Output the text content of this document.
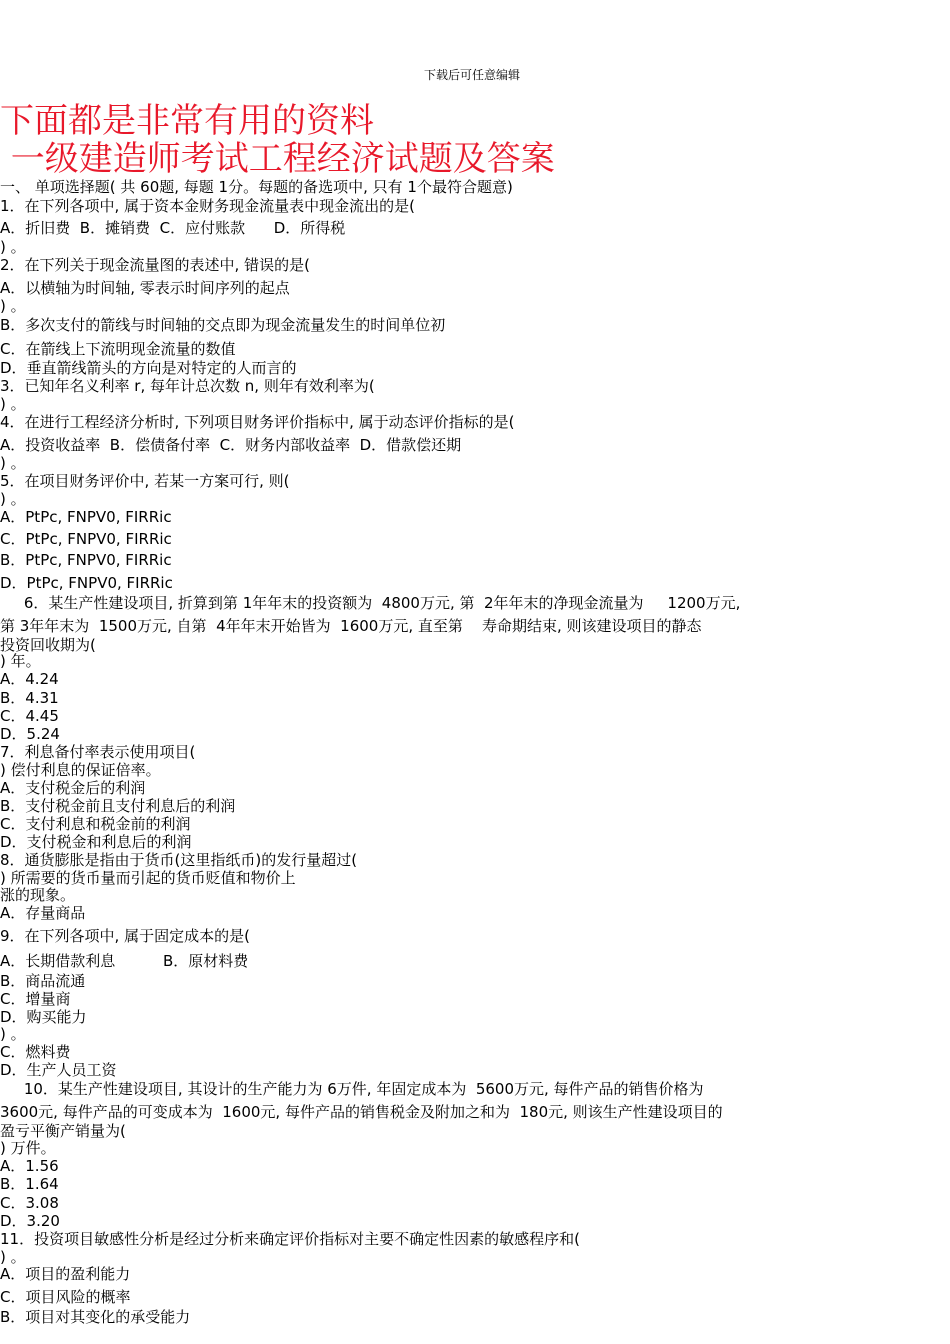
下载后可任意编辑
下面都是非常有用的资料
一级建造师考试工程经济试题及答案
一、 单项选择题( 共 60题, 每题 1分。每题的备选项中, 只有 1个最符合题意)
1．在下列各项中, 属于资本金财务现金流量表中现金流出的是(
A．折旧费  B．摊销费  C．应付账款      D．所得税
) 。
2．在下列关于现金流量图的表述中, 错误的是(
A．以横轴为时间轴, 零表示时间序列的起点
) 。
B．多次支付的箭线与时间轴的交点即为现金流量发生的时间单位初
C．在箭线上下流明现金流量的数值
D．垂直箭线箭头的方向是对特定的人而言的
3．已知年名义利率 r, 每年计总次数 n, 则年有效利率为(
) 。
4．在进行工程经济分析时, 下列项目财务评价指标中, 属于动态评价指标的是(
A．投资收益率  B．偿债备付率  C．财务内部收益率  D．借款偿还期
) 。
5．在项目财务评价中, 若某一方案可行, 则(
) 。
A．PtPc, FNPV0, FIRRic
C．PtPc, FNPV0, FIRRic
B．PtPc, FNPV0, FIRRic
D．PtPc, FNPV0, FIRRic
6．某生产性建设项目, 折算到第 1年年末的投资额为  4800万元, 第  2年年末的净现金流量为     1200万元,
第 3年年末为  1500万元, 自第  4年年末开始皆为  1600万元, 直至第    寿命期结束, 则该建设项目的静态
投资回收期为(
) 年。
A．4.24
B．4.31
C．4.45
D．5.24
7．利息备付率表示使用项目(
) 偿付利息的保证倍率。
A．支付税金后的利润
B．支付税金前且支付利息后的利润
C．支付利息和税金前的利润
D．支付税金和利息后的利润
8．通货膨胀是指由于货币(这里指纸币)的发行量超过(
) 所需要的货币量而引起的货币贬值和物价上
涨的现象。
A．存量商品
9．在下列各项中, 属于固定成本的是(
A．长期借款利息          B．原材料费
B．商品流通
C．增量商
D．购买能力
) 。
C．燃料费
D．生产人员工资
10．某生产性建设项目, 其设计的生产能力为 6万件, 年固定成本为  5600万元, 每件产品的销售价格为
3600元, 每件产品的可变成本为  1600元, 每件产品的销售税金及附加之和为  180元, 则该生产性建设项目的
盈亏平衡产销量为(
) 万件。
A．1.56
B．1.64
C．3.08
D．3.20
11．投资项目敏感性分析是经过分析来确定评价指标对主要不确定性因素的敏感程序和(
) 。
A．项目的盈利能力
C．项目风险的概率
B．项目对其变化的承受能力
